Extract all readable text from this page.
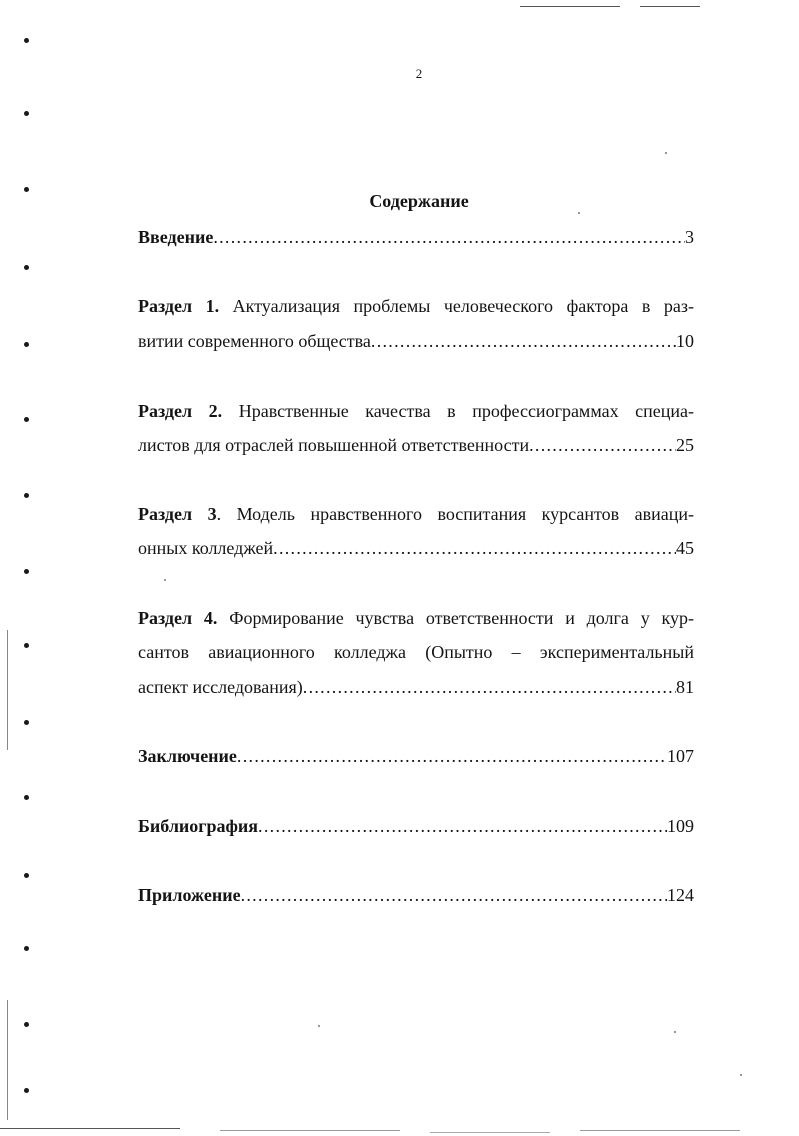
2
Содержание
Введение . . .	3
Раздел 1. Актуализация проблемы человеческого фактора в раз-
витии современного общества . . .	10
Раздел 2. Нравственные качества в профессиограммах специа-
листов для отраслей повышенной ответственности . . .	25
Раздел 3. Модель нравственного воспитания курсантов авиаци-
онных колледжей . . .	45
Раздел 4. Формирование чувства ответственности и долга у кур-
сантов авиационного колледжа (Опытно – экспериментальный
аспект исследования) . . .	81
Заключение . . .	107
Библиография . . .	109
Приложение . . .	124
